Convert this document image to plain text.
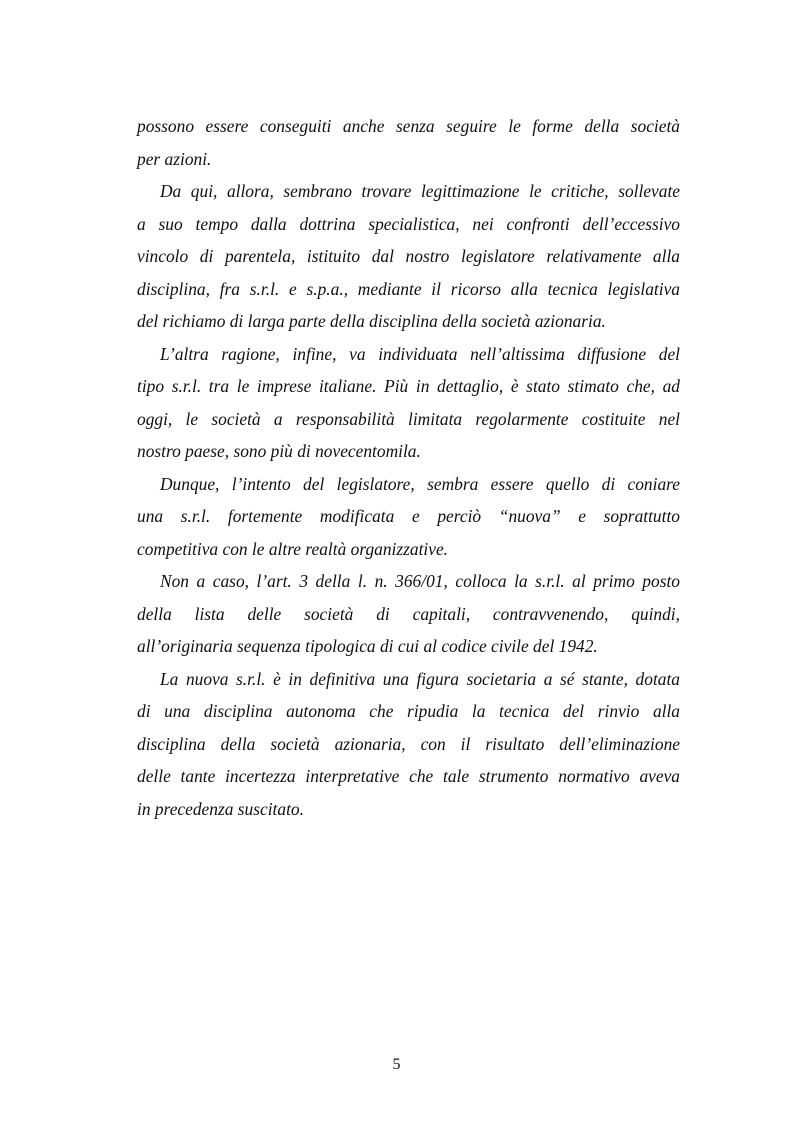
possono essere conseguiti anche senza seguire le forme della società
per azioni.
Da qui, allora, sembrano trovare legittimazione le critiche, sollevate
a suo tempo dalla dottrina specialistica, nei confronti dell’eccessivo
vincolo di parentela, istituito dal nostro legislatore relativamente alla
disciplina, fra s.r.l. e s.p.a., mediante il ricorso alla tecnica legislativa
del richiamo di larga parte della disciplina della società azionaria.
L’altra ragione, infine, va individuata nell’altissima diffusione del
tipo s.r.l. tra le imprese italiane. Più in dettaglio, è stato stimato che, ad
oggi, le società a responsabilità limitata regolarmente costituite nel
nostro paese, sono più di novecentomila.
Dunque, l’intento del legislatore, sembra essere quello di coniare
una s.r.l. fortemente modificata e perciò “nuova” e soprattutto
competitiva con le altre realtà organizzative.
Non a caso, l’art. 3 della l. n. 366/01, colloca la s.r.l. al primo posto
della lista delle società di capitali, contravvenendo, quindi,
all’originaria sequenza tipologica di cui al codice civile del 1942.
La nuova s.r.l. è in definitiva una figura societaria a sé stante, dotata
di una disciplina autonoma che ripudia la tecnica del rinvio alla
disciplina della società azionaria, con il risultato dell’eliminazione
delle tante incertezza interpretative che tale strumento normativo aveva
in precedenza suscitato.
5
